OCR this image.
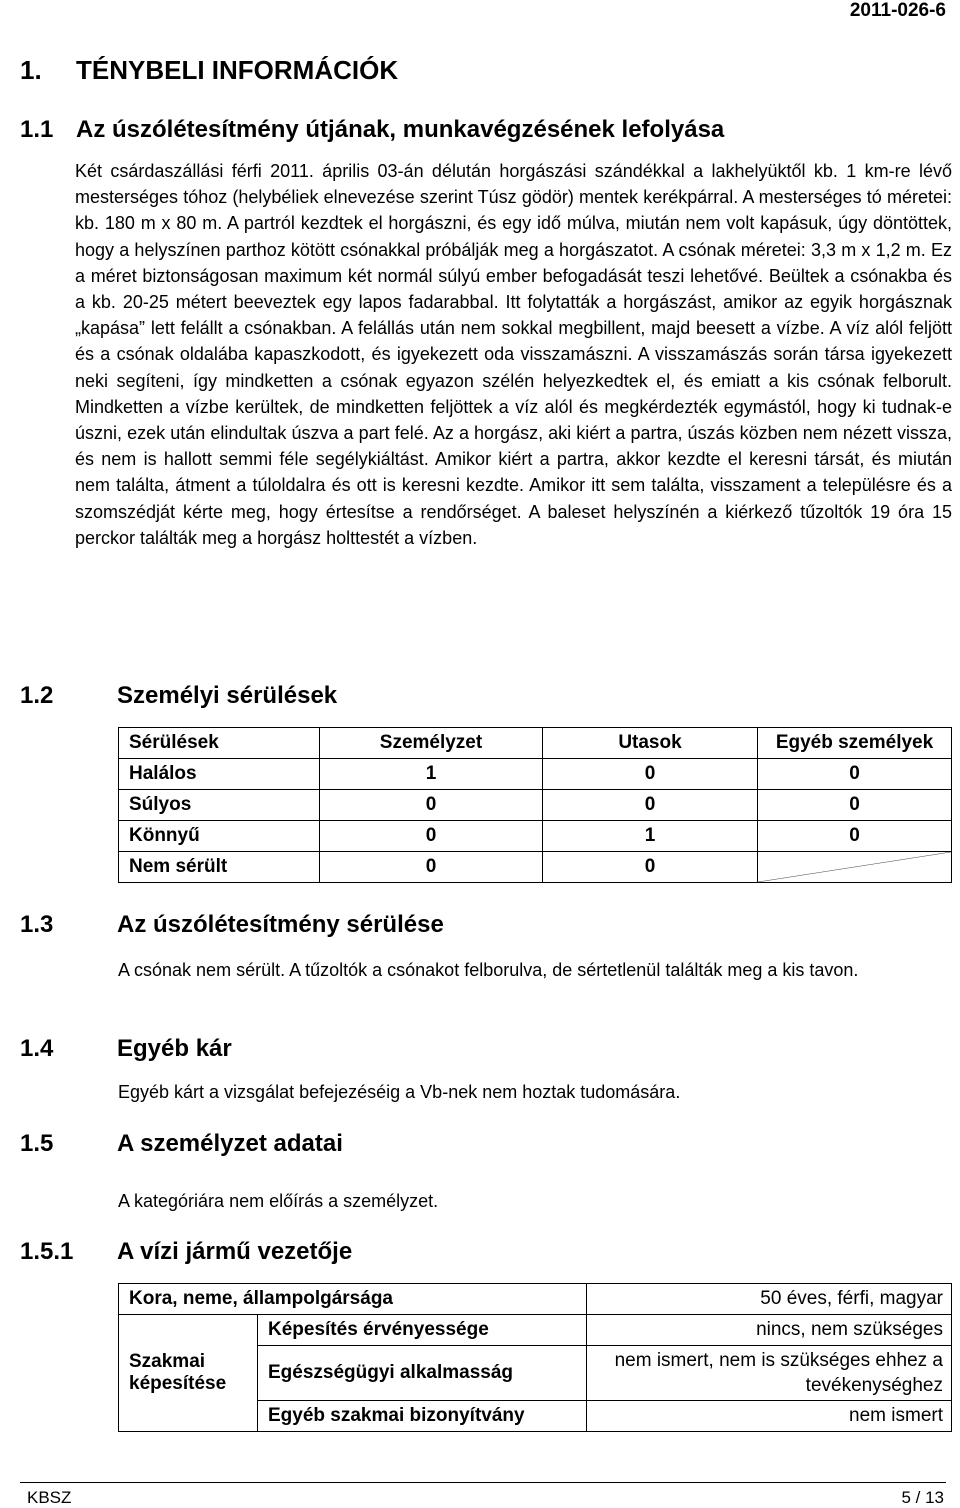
2011-026-6
1. TÉNYBELI INFORMÁCIÓK
1.1 Az úszólétesítmény útjának, munkavégzésének lefolyása
Két csárdaszállási férfi 2011. április 03-án délután horgászási szándékkal a lakhelyüktől kb. 1 km-re lévő mesterséges tóhoz (helybéliek elnevezése szerint Túsz gödör) mentek kerékpárral. A mesterséges tó méretei: kb. 180 m x 80 m. A partról kezdtek el horgászni, és egy idő múlva, miután nem volt kapásuk, úgy döntöttek, hogy a helyszínen parthoz kötött csónakkal próbálják meg a horgászatot. A csónak méretei: 3,3 m x 1,2 m. Ez a méret biztonságosan maximum két normál súlyú ember befogadását teszi lehetővé. Beültek a csónakba és a kb. 20-25 métert beeveztek egy lapos fadarabbal. Itt folytatták a horgászást, amikor az egyik horgásznak „kapása” lett felállt a csónakban. A felállás után nem sokkal megbillent, majd beesett a vízbe. A víz alól feljött és a csónak oldalába kapaszkodott, és igyekezett oda visszamászni. A visszamászás során társa igyekezett neki segíteni, így mindketten a csónak egyazon szélén helyezkedtek el, és emiatt a kis csónak felborult. Mindketten a vízbe kerültek, de mindketten feljöttek a víz alól és megkérdezték egymástól, hogy ki tudnak-e úszni, ezek után elindultak úszva a part felé. Az a horgász, aki kiért a partra, úszás közben nem nézett vissza, és nem is hallott semmi féle segélykiáltást. Amikor kiért a partra, akkor kezdte el keresni társát, és miután nem találta, átment a túloldalra és ott is keresni kezdte. Amikor itt sem találta, visszament a településre és a szomszédját kérte meg, hogy értesítse a rendőrséget. A baleset helyszínén a kiérkező tűzoltók 19 óra 15 perckor találták meg a horgász holttestét a vízben.
1.2	Személyi sérülések
Sérülések	Személyzet	Utasok	Egyéb személyek
Halálos	1	0	0
Súlyos	0	0	0
Könnyű	0	1	0
Nem sérült	0	0	
1.3	Az úszólétesítmény sérülése
A csónak nem sérült. A tűzoltók a csónakot felborulva, de sértetlenül találták meg a kis tavon.
1.4	Egyéb kár
Egyéb kárt a vizsgálat befejezéséig a Vb-nek nem hoztak tudomására.
1.5	A személyzet adatai
A kategóriára nem előírás a személyzet.
1.5.1 A vízi jármű vezetője
Kora, neme, állampolgársága		50 éves, férfi, magyar
Szakmai képesítése	Képesítés érvényessége	nincs, nem szükséges
	Egészségügyi alkalmasság	nem ismert, nem is szükséges ehhez a tevékenységhez
	Egyéb szakmai bizonyítvány	nem ismert
KBSZ	5 / 13
